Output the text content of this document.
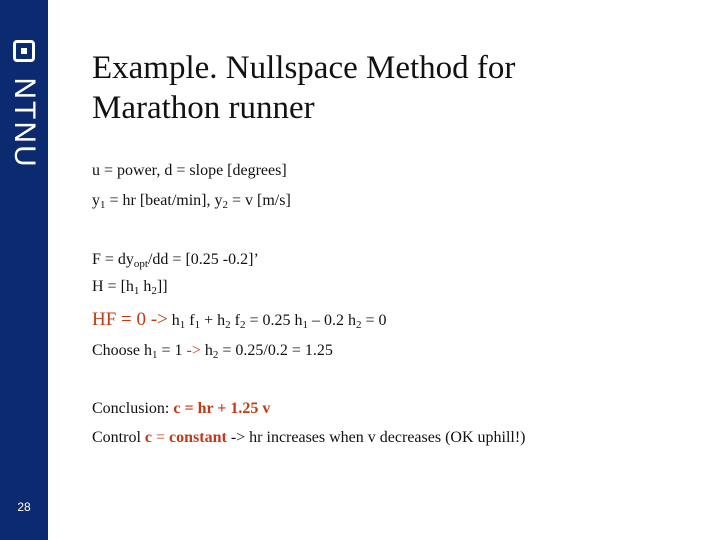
NTNU
28
Example. Nullspace Method for
Marathon runner
u = power, d = slope [degrees]
$y_1$ = hr [beat/min], $y_2 = v$ [m/s]
$F = dy_{opt}/dd = [0.25$ -0.2]’
$H = [h_1$ $h_2$]]
HF = $0 -> h_1$ $f_1 + h_2$ $f_2 = 0.25$ $h_1 - 0.2$ $h_2 = 0$
Choose $h_1 = 1 -> h_2 = 0.25/0.2 = 1.25$
Conclusion: c = hr + 1.25 v
Control c = constant -> hr increases when v decreases (OK uphill!)
